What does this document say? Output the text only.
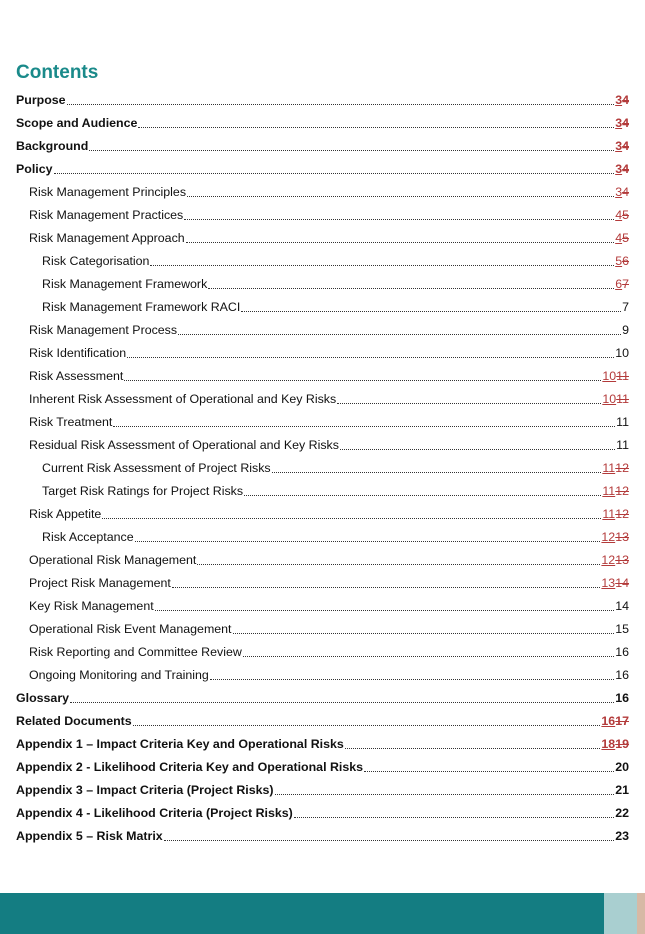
Contents
Purpose	3 4
Scope and Audience	3 4
Background	3 4
Policy	3 4
Risk Management Principles	3 4
Risk Management Practices	4 5
Risk Management Approach	4 5
Risk Categorisation	5 6
Risk Management Framework	6 7
Risk Management Framework RACI	7
Risk Management Process	9
Risk Identification	10
Risk Assessment	10 11
Inherent Risk Assessment of Operational and Key Risks	10 11
Risk Treatment	11
Residual Risk Assessment of Operational and Key Risks	11
Current Risk Assessment of Project Risks	11 12
Target Risk Ratings for Project Risks	11 12
Risk Appetite	11 12
Risk Acceptance	12 13
Operational Risk Management	12 13
Project Risk Management	13 14
Key Risk Management	14
Operational Risk Event Management	15
Risk Reporting and Committee Review	16
Ongoing Monitoring and Training	16
Glossary	16
Related Documents	16 17
Appendix 1 – Impact Criteria Key and Operational Risks	18 19
Appendix 2 - Likelihood Criteria Key and Operational Risks	20
Appendix 3 – Impact Criteria (Project Risks)	21
Appendix 4 - Likelihood Criteria (Project Risks)	22
Appendix 5 – Risk Matrix	23
